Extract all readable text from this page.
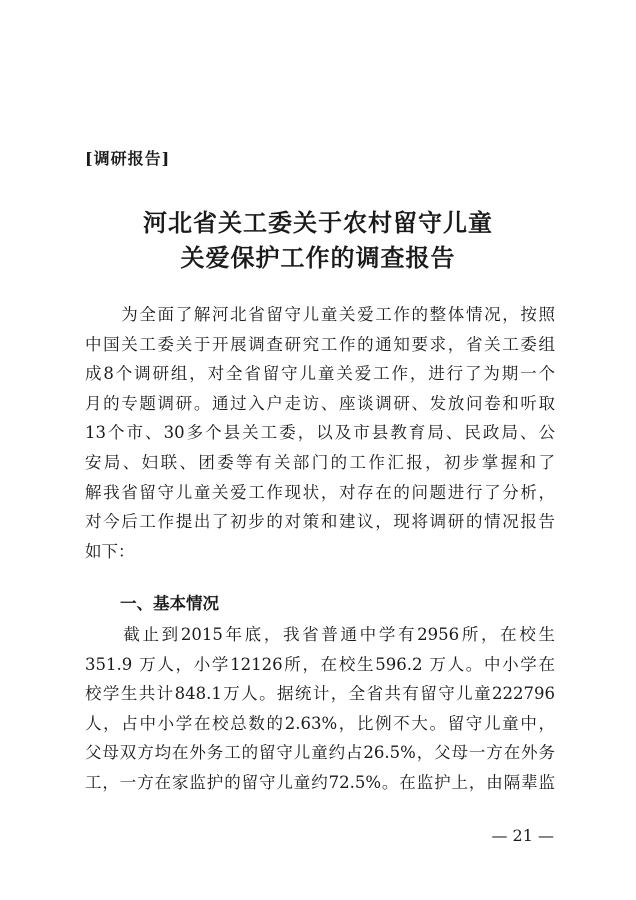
[调研报告]
河北省关工委关于农村留守儿童
关爱保护工作的调查报告
　　为全面了解河北省留守儿童关爱工作的整体情况，按照
中国关工委关于开展调查研究工作的通知要求，省关工委组
成8个调研组，对全省留守儿童关爱工作，进行了为期一个
月的专题调研。通过入户走访、座谈调研、发放问卷和听取
13个市、30多个县关工委，以及市县教育局、民政局、公
安局、妇联、团委等有关部门的工作汇报，初步掌握和了
解我省留守儿童关爱工作现状，对存在的问题进行了分析，
对今后工作提出了初步的对策和建议，现将调研的情况报告
如下：
一、基本情况
　　截止到2015年底，我省普通中学有2956所，在校生
351.9 万人，小学12126所，在校生596.2 万人。中小学在
校学生共计848.1万人。据统计，全省共有留守儿童222796
人，占中小学在校总数的2.63%，比例不大。留守儿童中，
父母双方均在外务工的留守儿童约占26.5%，父母一方在外务
工，一方在家监护的留守儿童约72.5%。在监护上，由隔辈监
— 21 —
